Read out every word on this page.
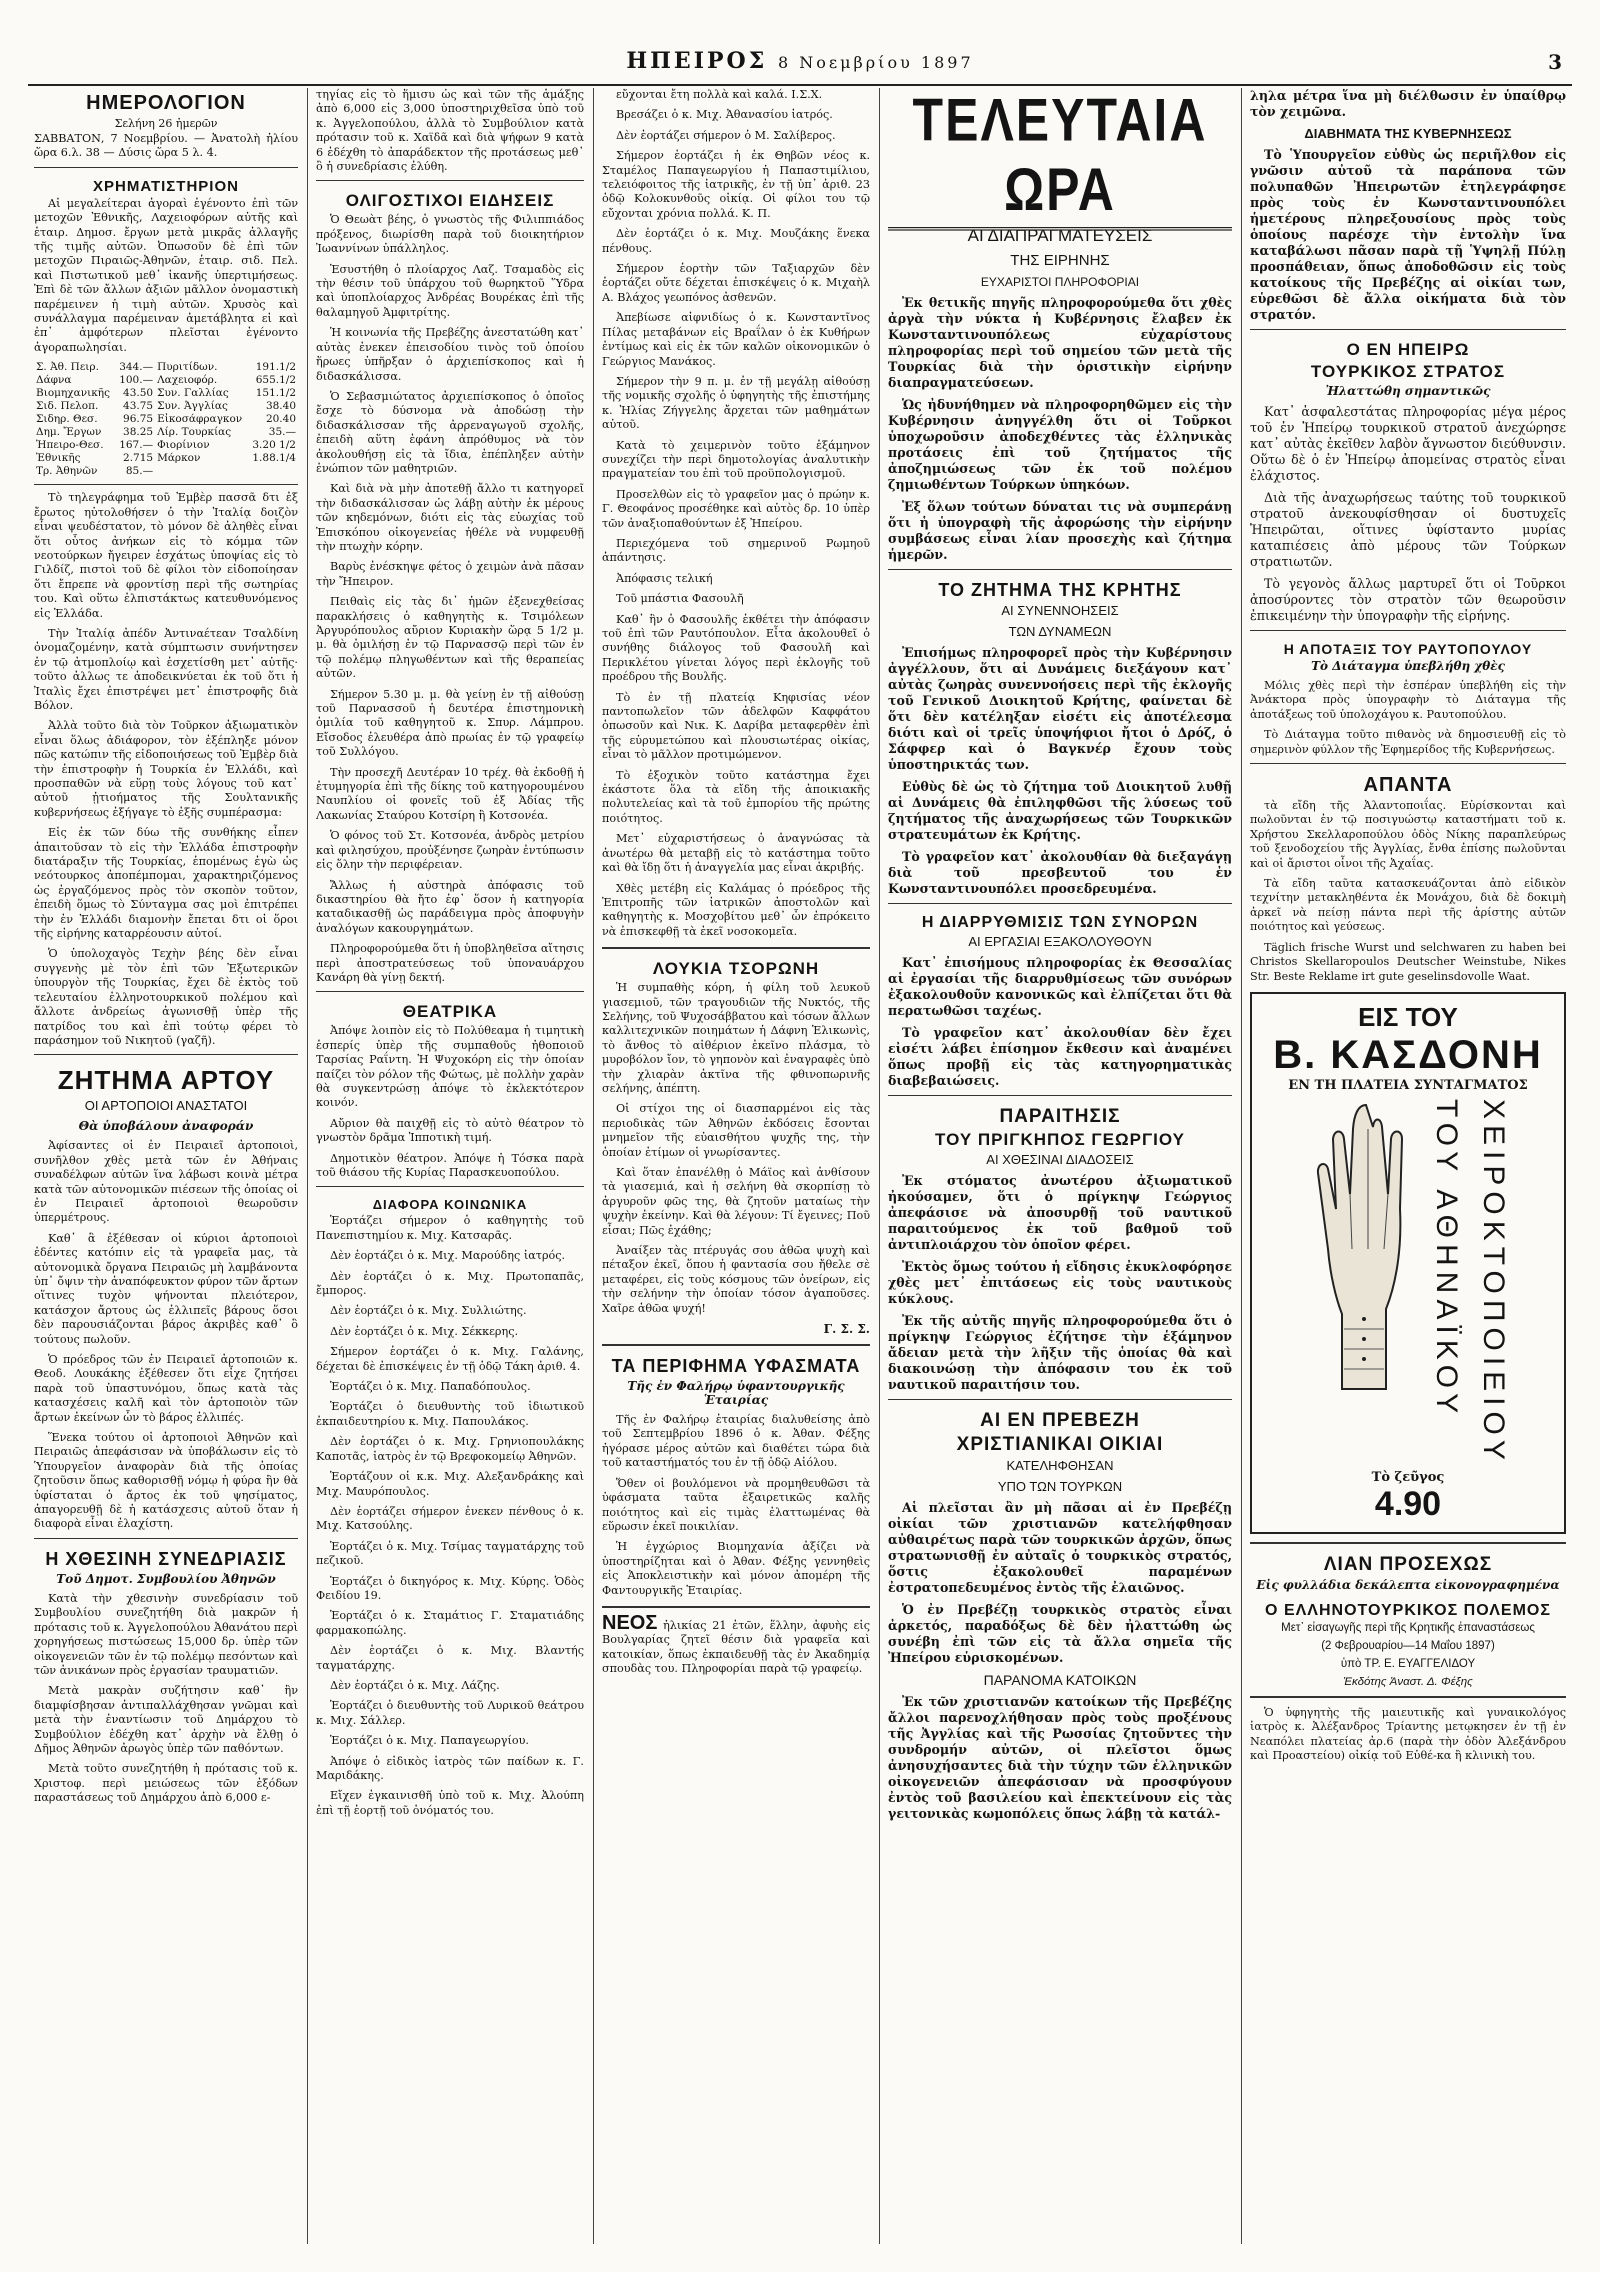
ΗΠΕΙΡΟΣ 8 Νοεμβρίου 1897	3
ΗΜΕΡΟΛΟΓΙΟΝ
Σελήνη 26 ἡμερῶν

ΣΑΒΒΑΤΟΝ, 7 Νοεμβρίου. — Ἀνατολὴ ἡλίου ὥρα 6.λ. 38 — Δύσις ὥρα 5 λ. 4.

ΧΡΗΜΑΤΙΣΤΗΡΙΟΝ

Αἱ μεγαλείτεραι ἀγοραὶ ἐγένοντο ἐπὶ τῶν μετοχῶν Ἐθνικῆς, Λαχειοφόρων αὐτῆς καὶ ἑταιρ. Δημοσ. ἔργων μετὰ μικρᾶς ἀλλαγῆς τῆς τιμῆς αὐτῶν. Ὀπωσοῦν δὲ ἐπὶ τῶν μετοχῶν Πιραιῶς-Ἀθηνῶν, ἑταιρ. σιδ. Πελ. καὶ Πιστωτικοῦ μεθ᾽ ἱκανῆς ὑπερτιμήσεως. Ἐπὶ δὲ τῶν ἄλλων ἀξιῶν μᾶλλον ὀνομαστικὴ παρέμεινεν ἡ τιμὴ αὐτῶν. Χρυσὸς καὶ συνάλλαγμα παρέμειναν ἀμετάβλητα εἰ καὶ ἐπ᾽ ἀμφότερων πλεῖσται ἐγένοντο ἀγοραπωλησίαι.

Σ. Ἀθ. Πειρ.	344.—	Πυριτίδων.	191.1/2
Δάφνα	100.—	Λαχειοφόρ.	655.1/2
Βιομηχανικῆς	43.50	Συν. Γαλλίας	151.1/2
Σιδ. Πελοπ.	43.75	Συν. Ἀγγλίας	38.40
Σιδηρ. Θεσ.	96.75	Εἰκοσάφραγκον	20.40
Δημ. Ἔργων	38.25	Λίρ. Τουρκίας	35.—
Ἠπειρο-Θεσ.	167.—	Φιορίνιον	3.20 1/2
Ἐθνικῆς	2.715	Μάρκον	1.88.1/4
Τρ. Ἀθηνῶν	85.—		

Τὸ τηλεγράφημα τοῦ Ἐμβὲρ πασσᾶ δτι ἐξ ἔρωτος ηὐτολοθήσεν ὁ τὴν Ἰταλίᾳ δοιζὸν εἶναι ψευδέστατον, τὸ μόνον δὲ ἀληθὲς εἶναι ὅτι οὗτος ἀνήκων εἰς τὸ κόμμα τῶν νεοτούρκων ἤγειρεν ἐσχάτως ὑποψίας εἰς τὸ Γιλδίζ, πιστοὶ τοῦ δὲ φίλοι τὸν εἰδοποίησαν ὅτι ἔπρεπε νὰ φροντίσῃ περὶ τῆς σωτηρίας του. Καὶ οὕτω ἐλπιστάκτως κατευθυνόμενος εἰς Ἑλλάδα.

Τὴν Ἰταλίᾳ ἀπέδν Ἀντιναέτεαν Τσαλδίνη ὀνομαζομένην, κατὰ σύμπτωσιν συνήντησεν ἐν τῷ ἀτμοπλοίῳ καὶ ἐσχετίσθη μετ᾽ αὐτῆς· τοῦτο ἀλλως τε ἀποδεικνύεται ἐκ τοῦ ὅτι ἡ Ἰταλὶς ἔχει ἐπιστρέψει μετ᾽ ἐπιστροφῆς διὰ Βόλον.

Ἀλλὰ τοῦτο διὰ τὸν Τοῦρκον ἀξιωματικὸν εἶναι ὅλως ἀδιάφορον, τὸν ἐξέπληξε μόνον πῶς κατώπιν τῆς εἰδοποιήσεως τοῦ Ἐμβὲρ διὰ τὴν ἐπιστροφὴν ἡ Τουρκία ἐν Ἑλλάδι, καὶ προσπαθῶν νὰ εὕρῃ τοὺς λόγους τοῦ κατ᾽ αὐτοῦ ᾐτιοήματος τῆς Σουλτανικῆς κυβερνήσεως ἐξήγαγε τὸ ἐξῆς συμπέρασμα:

Εἰς ἐκ τῶν δύω τῆς συνθήκης εἶπεν ἀπαιτοῦσαν τὸ εἰς τὴν Ἑλλάδα ἐπιστροφὴν διατάραξιν τῆς Τουρκίας, ἐπομένως ἐγὼ ὡς νεότουρκος ἀποπέμπομαι, χαρακτηριζόμενος ὡς ἐργαζόμενος πρὸς τὸν σκοπὸν τοῦτον, ἐπειδὴ ὅμως τὸ Σύνταγμα σας μοὶ ἐπιτρέπει τὴν ἐν Ἑλλάδι διαμονὴν ἔπεται δτι οἱ ὅροι τῆς εἰρήνης καταρρέουσιν αὐτοί.

Ὁ ὑπολοχαγὸς Τεχὴν βέης δὲν εἶναι συγγενὴς μὲ τὸν ἐπὶ τῶν Ἐξωτερικῶν ὑπουργὸν τῆς Τουρκίας, ἔχει δὲ ἐκτὸς τοῦ τελευταίου ἑλληνοτουρκικοῦ πολέμου καὶ ἄλλοτε ἀνδρείως ἀγωνισθῇ ὑπὲρ τῆς πατρίδος του καὶ ἐπὶ τούτῳ φέρει τὸ παράσημον τοῦ Νικητοῦ (γαζῆ).

ΖΗΤΗΜΑ ΑΡΤΟΥ
ΟΙ ΑΡΤΟΠΟΙΟΙ ΑΝΑΣΤΑΤΟΙ
Θὰ ὑποβάλουν ἀναφοράν

Ἀφίσαντες οἱ ἐν Πειραιεῖ ἀρτοποιοὶ, συνῆλθον χθὲς μετὰ τῶν ἐν Ἀθήναις συναδέλφων αὐτῶν ἵνα λάβωσι κοινὰ μέτρα κατὰ τῶν αὐτονομικῶν πιέσεων τῆς ὁποίας οἱ ἐν Πειραιεῖ ἀρτοποιοὶ θεωροῦσιν ὑπερμέτρους.

Καθ᾽ ἃ ἐξέθεσαν οἱ κύριοι ἀρτοποιοὶ ἐδέντες κατόπιν εἰς τὰ γραφεῖα μας, τὰ αὐτονομικὰ ὄργανα Πειραιῶς μὴ λαμβάνοντα ὑπ᾽ ὄψιν τὴν ἀναπόφευκτον φύρον τῶν ἄρτων οἵτινες τυχὸν ψήνονται πλειότερον, κατάσχον ἄρτους ὡς ἐλλιπεῖς βάρους ὅσοι δὲν παρουσιάζονται βάρος ἀκριβὲς καθ᾽ ὃ τούτους πωλοῦν.

Ὁ πρόεδρος τῶν ἐν Πειραιεῖ ἀρτοποιῶν κ. Θεοδ. Λουκάκης ἐξέθεσεν ὅτι εἶχε ζητήσει παρὰ τοῦ ὑπαστυνόμου, ὅπως κατὰ τὰς κατασχέσεις καλῆ καὶ τὸν ἀρτοποιὸν τῶν ἄρτων ἐκείνων ὧν τὸ βάρος ἐλλιπές.

Ἕνεκα τούτου οἱ ἀρτοποιοὶ Ἀθηνῶν καὶ Πειραιῶς ἀπεφάσισαν νὰ ὑποβάλωσιν εἰς τὸ Ὑπουργεῖον ἀναφορὰν διὰ τῆς ὁποίας ζητοῦσιν ὅπως καθορισθῇ νόμῳ ἡ φύρα ἣν θὰ ὑφίσταται ὁ ἄρτος ἐκ τοῦ ψησίματος, ἀπαγορευθῇ δὲ ἡ κατάσχεσις αὐτοῦ ὅταν ἡ διαφορὰ εἶναι ἐλαχίστη.

Η ΧΘΕΣΙΝΗ ΣΥΝΕΔΡΙΑΣΙΣ
Τοῦ Δημοτ. Συμβουλίου Ἀθηνῶν

Κατὰ τὴν χθεσινὴν συνεδρίασιν τοῦ Συμβουλίου συνεζητήθη διὰ μακρῶν ἡ πρότασις τοῦ κ. Ἀγγελοπούλου Ἀθανάτου περὶ χορηγήσεως πιστώσεως 15,000 δρ. ὑπὲρ τῶν οἰκογενειῶν τῶν ἐν τῷ πολέμῳ πεσόντων καὶ τῶν ἀνικάνων πρὸς ἐργασίαν τραυματιῶν.

Μετὰ μακρὰν συζήτησιν καθ᾽ ἣν διαμφίσβησαν ἀντιπαλλάχθησαν γνῶμαι καὶ μετὰ τὴν ἐναντίωσιν τοῦ Δημάρχου τὸ Συμβούλιον ἐδέχθη κατ᾽ ἀρχὴν νὰ ἔλθῃ ὁ Δῆμος Ἀθηνῶν ἀρωγὸς ὑπὲρ τῶν παθόντων.

Μετὰ τοῦτο συνεζητήθη ἡ πρότασις τοῦ κ. Χριστοφ. περὶ μειώσεως τῶν ἐξόδων παραστάσεως τοῦ Δημάρχου ἀπὸ 6,000 ε-

τηγίας εἰς τὸ ἥμισυ ὡς καὶ τῶν τῆς ἁμάξης ἀπὸ 6,000 εἰς 3,000 ὑποστηριχθεῖσα ὑπὸ τοῦ κ. Ἀγγελοπούλου, ἀλλὰ τὸ Συμβούλιον κατὰ πρότασιν τοῦ κ. Χαϊδᾶ καὶ διὰ ψήφων 9 κατὰ 6 ἐδέχθη τὸ ἀπαράδεκτον τῆς προτάσεως μεθ᾽ ὃ ἡ συνεδρίασις ἐλύθη.

ΟΛΙΓΟΣΤΙΧΟΙ ΕΙΔΗΣΕΙΣ

Ὁ Θεωὰτ βέης, ὁ γνωστὸς τῆς Φιλιππιάδος πρόξενος, διωρίσθη παρὰ τοῦ διοικητήριον Ἰωαννίνων ὑπάλληλος.

Ἐσυστήθη ὁ πλοίαρχος Λαζ. Τσαμαδὸς εἰς τὴν θέσιν τοῦ ὑπάρχου τοῦ θωρηκτοῦ Ὕδρα καὶ ὑποπλοίαρχος Ἀνδρέας Βουρέκας ἐπὶ τῆς θαλαμηγοῦ Ἀμφιτρίτης.

Ἡ κοινωνία τῆς Πρεβέζης ἀνεστατώθη κατ᾽ αὐτὰς ἐνεκεν ἐπεισοδίου τινὸς τοῦ ὁποίου ἥρωες ὑπῆρξαν ὁ ἀρχιεπίσκοπος καὶ ἡ διδασκάλισσα.

Ὁ Σεβασμιώτατος ἀρχιεπίσκοπος ὁ ὁποῖος ἔσχε τὸ δύσνομα νὰ ἀποδώσῃ τὴν διδασκάλισσαν τῆς ἀρρεναγωγοῦ σχολῆς, ἐπειδὴ αὕτη ἐφάνη ἀπρόθυμος νὰ τὸν ἀκολουθήσῃ εἰς τὰ ἴδια, ἐπέπληξεν αὐτὴν ἐνώπιον τῶν μαθητριῶν.

Καὶ διὰ νὰ μὴν ἀποτεθῇ ἄλλο τι κατηγορεῖ τὴν διδασκάλισσαν ὡς λάβῃ αὐτὴν ἐκ μέρους τῶν κηδεμόνων, διότι εἰς τὰς εὐωχίας τοῦ Ἐπισκόπου οἰκογενείας ἠθέλε νὰ νυμφευθῇ τὴν πτωχὴν κόρην.

Βαρὺς ἐνέσκηψε φέτος ὁ χειμὼν ἀνὰ πᾶσαν τὴν Ἤπειρον.

Πειθαὶς εἰς τὰς δι᾽ ἡμῶν ἐξενεχθείσας παρακλήσεις ὁ καθηγητὴς κ. Τσιμόλεων Ἀργυρόπουλος αὔριον Κυριακὴν ὥρᾳ 5 1/2 μ. μ. θὰ ὁμιλήσῃ ἐν τῷ Παρνασσῷ περὶ τῶν ἐν τῷ πολέμῳ πληγωθέντων καὶ τῆς θεραπείας αὐτῶν.

Σήμερον 5.30 μ. μ. θὰ γείνῃ ἐν τῇ αἰθούσῃ τοῦ Παρνασσοῦ ἡ δευτέρα ἐπιστημονικὴ ὁμιλία τοῦ καθηγητοῦ κ. Σπυρ. Λάμπρου. Εἴσοδος ἐλευθέρα ἀπὸ πρωίας ἐν τῷ γραφείῳ τοῦ Συλλόγου.

Τὴν προσεχῆ Δευτέραν 10 τρέχ. θὰ ἐκδοθῇ ἡ ἐτυμηγορία ἐπὶ τῆς δίκης τοῦ κατηγορουμένου Ναυπλίου οἱ φονεῖς τοῦ ἐξ Ἀδίας τῆς Λακωνίας Σταύρου Κοτσίρη ἢ Κοτσονέα.

Ὁ φόνος τοῦ Στ. Κοτσονέα, ἀνδρὸς μετρίου καὶ φιλησύχου, προὐξένησε ζωηρὰν ἐντύπωσιν εἰς ὅλην τὴν περιφέρειαν.

Ἄλλως ἡ αὐστηρὰ ἀπόφασις τοῦ δικαστηρίου θὰ ἤτο ἐφ᾽ ὅσον ἡ κατηγορία καταδικασθῇ ὡς παράδειγμα πρὸς ἀποφυγὴν ἀναλόγων κακουργημάτων.

Πληροφορούμεθα ὅτι ἡ ὑποβληθεῖσα αἴτησις περὶ ἀποστρατεύσεως τοῦ ὑποναυάρχου Κανάρη θὰ γίνῃ δεκτή.

ΘΕΑΤΡΙΚΑ

Ἀπόψε λοιπὸν εἰς τὸ Πολύθεαμα ἡ τιμητικὴ ἑσπερίς ὑπὲρ τῆς συμπαθοῦς ἠθοποιοῦ Ταρσίας Ραΐντη. Ἡ Ψυχοκόρη εἰς τὴν ὁποίαν παίζει τὸν ρόλον τῆς Φώτως, μὲ πολλὴν χαρὰν θὰ συγκεντρώσῃ ἀπόψε τὸ ἐκλεκτότερον κοινόν.

Αὔριον θὰ παιχθῇ εἰς τὸ αὐτὸ θέατρον τὸ γνωστὸν δρᾶμα Ἰπποτικὴ τιμή.

Δημοτικὸν θέατρον. Ἀπόψε ἡ Τόσκα παρὰ τοῦ θιάσου τῆς Κυρίας Παρασκευοπούλου.

ΔΙΑΦΟΡΑ ΚΟΙΝΩΝΙΚΑ

Ἑορτάζει σήμερον ὁ καθηγητὴς τοῦ Πανεπιστημίου κ. Μιχ. Κατσαρᾶς.

Δὲν ἑορτάζει ὁ κ. Μιχ. Μαρούδης ἰατρός.

Δὲν ἑορτάζει ὁ κ. Μιχ. Πρωτοπαπᾶς, ἔμπορος.

Δὲν ἑορτάζει ὁ κ. Μιχ. Συλλιώτης.

Δὲν ἑορτάζει ὁ κ. Μιχ. Σέκκερης.

Σήμερον ἑορτάζει ὁ κ. Μιχ. Γαλάνης, δέχεται δὲ ἐπισκέψεις ἐν τῇ ὁδῷ Τάκη ἀριθ. 4.

Ἑορτάζει ὁ κ. Μιχ. Παπαδόπουλος.

Ἑορτάζει ὁ διευθυντὴς τοῦ ἰδιωτικοῦ ἐκπαιδευτηρίου κ. Μιχ. Παπουλάκος.

Δὲν ἑορτάζει ὁ κ. Μιχ. Γρηνιοπουλάκης Καποτᾶς, ἰατρὸς ἐν τῷ Βρεφοκομείῳ Ἀθηνῶν.

Ἑορτάζουν οἱ κ.κ. Μιχ. Αλεξανδράκης καὶ Μιχ. Μαυρόπουλος.

Δὲν ἑορτάζει σήμερον ἐνεκεν πένθους ὁ κ. Μιχ. Κατσούλης.

Ἑορτάζει ὁ κ. Μιχ. Τσίμας ταγματάρχης τοῦ πεζικοῦ.

Ἑορτάζει ὁ δικηγόρος κ. Μιχ. Κύρης. Ὁδὸς Φειδίου 19.

Ἑορτάζει ὁ κ. Σταμάτιος Γ. Σταματιάδης φαρμακοπώλης.

Δὲν ἑορτάζει ὁ κ. Μιχ. Βλαντής ταγματάρχης.

Δὲν ἑορτάζει ὁ κ. Μιχ. Λάζης.

Ἑορτάζει ὁ διευθυντὴς τοῦ Λυρικοῦ θεάτρου κ. Μιχ. Σάλλερ.

Ἑορτάζει ὁ κ. Μιχ. Παπαγεωργίου.

Ἀπόψε ὁ εἰδικὸς ἰατρὸς τῶν παίδων κ. Γ. Μαριδάκης.

Εἴχεν ἐγκαινισθῆ ὑπὸ τοῦ κ. Μιχ. Ἀλούπη ἐπὶ τῇ ἑορτῇ τοῦ ὀνόματός του.

εὔχονται ἔτη πολλὰ καὶ καλά. Ι.Σ.Χ.

Βρεσάζει ὁ κ. Μιχ. Ἀθανασίου ἰατρός.

Δὲν ἑορτάζει σήμερον ὁ Μ. Σαλίβερος.

Σήμερον ἑορτάζει ἡ ἐκ Θηβῶν νέος κ. Σταμέλος Παπαγεωργίου ἡ Παπαστιμίλιου, τελειόφοιτος τῆς ἰατρικῆς, ἐν τῇ ὑπ᾽ ἀριθ. 23 ὁδῷ Κολοκυνθοῦς οἰκίᾳ. Οἱ φίλοι του τῷ εὔχονται χρόνια πολλά. Κ. Π.

Δὲν ἑορτάζει ὁ κ. Μιχ. Μουζάκης ἕνεκα πένθους.

Σήμερον ἑορτὴν τῶν Ταξιαρχῶν δὲν ἑορτάζει οὔτε δέχεται ἐπισκέψεις ὁ κ. Μιχαὴλ Α. Βλάχος γεωπόνος ἀσθενῶν.

Ἀπεβίωσε αἰφνιδίως ὁ κ. Κωνσταντῖνος Πίλας μεταβάνων εἰς Βραΐλαν ὁ ἐκ Κυθήρων ἐντίμως καὶ εἰς ἐκ τῶν καλῶν οἰκονομικῶν ὁ Γεώργιος Μανάκος.

Σήμερον τὴν 9 π. μ. ἐν τῇ μεγάλῃ αἰθούσῃ τῆς νομικῆς σχολῆς ὁ ὑφηγητὴς τῆς ἐπιστήμης κ. Ἠλίας Ζήγγελης ἄρχεται τῶν μαθημάτων αὐτοῦ.

Κατὰ τὸ χειμερινὸν τοῦτο ἑξάμηνον συνεχίζει τὴν περὶ δημοτολογίας ἀναλυτικὴν πραγματείαν του ἐπὶ τοῦ προϋπολογισμοῦ.

Προσελθὼν εἰς τὸ γραφεῖον μας ὁ πρώην κ. Γ. Θεοφάνος προσέθηκε καὶ αὐτὸς δρ. 10 ὑπὲρ τῶν ἀναξιοπαθούντων ἐξ Ἠπείρου.

Περιεχόμενα τοῦ σημερινοῦ Ρωμηοῦ ἀπάντησις.

Ἀπόφασις τελική

Τοῦ μπάστια Φασουλῆ

Καθ᾽ ἣν ὁ Φασουλῆς ἐκθέτει τὴν ἀπόφασιν τοῦ ἐπὶ τῶν Ραυτόπουλον. Εἶτα ἀκολουθεῖ ὁ συνήθης διάλογος τοῦ Φασουλῆ καὶ Περικλέτου γίνεται λόγος περὶ ἐκλογῆς τοῦ προέδρου τῆς Βουλῆς.

Τὸ ἐν τῇ πλατείᾳ Κηφισίας νέον παντοπωλεῖον τῶν ἀδελφῶν Καφφάτου ὁπωσοῦν καὶ Νικ. Κ. Δαρίβα μεταφερθὲν ἐπὶ τῆς εὐρυμετώπου καὶ πλουσιωτέρας οἰκίας, εἶναι τὸ μᾶλλον προτιμώμενον.

Τὸ ἐξοχικὸν τοῦτο κατάστημα ἔχει ἑκάστοτε ὅλα τὰ εἴδη τῆς ἀποικιακῆς πολυτελείας καὶ τὰ τοῦ ἐμπορίου τῆς πρώτης ποιότητος.

Μετ᾽ εὐχαριστήσεως ὁ ἀναγνώσας τὰ ἀνωτέρω θὰ μεταβῇ εἰς τὸ κατάστημα τοῦτο καὶ θὰ ἴδῃ ὅτι ἡ ἀναγγελία μας εἶναι ἀκριβής.

Χθὲς μετέβη εἰς Καλάμας ὁ πρόεδρος τῆς Ἐπιτροπῆς τῶν ἰατρικῶν ἀποστολῶν καὶ καθηγητὴς κ. Μοσχοβίτου μεθ᾽ ὧν ἐπρόκειτο νὰ ἐπισκεφθῇ τὰ ἐκεῖ νοσοκομεῖα.

ΛΟΥΚΙΑ ΤΣΟΡΩΝΗ

Ἡ συμπαθὴς κόρη, ἡ φίλη τοῦ λευκοῦ γιασεμιοῦ, τῶν τραγουδιῶν τῆς Νυκτός, τῆς Σελήνης, τοῦ Ψυχοσάββατου καὶ τόσων ἄλλων καλλιτεχνικῶν ποιημάτων ἡ Δάφνη Ἑλικωνὶς, τὸ ἄνθος τὸ αἰθέριον ἐκεῖνο πλάσμα, τὸ μυροβόλον ἴον, τὸ γηπονὸν καὶ ἐναγραφὲς ὑπὸ τὴν χλιαρὰν ἀκτῖνα τῆς φθινοπωρινῆς σελήνης, ἀπέπτη.

Οἱ στίχοι της οἱ διασπαρμένοι εἰς τὰς περιοδικὰς τῶν Ἀθηνῶν ἐκδόσεις ἔσονται μνημεῖον τῆς εὐαισθήτου ψυχῆς της, τὴν ὁποίαν ἐτίμων οἱ γνωρίσαντες.

Καὶ ὅταν ἐπανέλθῃ ὁ Μάϊος καὶ ἀνθίσουν τὰ γιασεμιά, καὶ ἡ σελήνη θὰ σκορπίσῃ τὸ ἀργυροῦν φῶς της, θὰ ζητοῦν ματαίως τὴν ψυχὴν ἐκείνην. Καὶ θὰ λέγουν: Τί ἔγεινες; Ποῦ εἶσαι; Πῶς ἐχάθης;

Ἀναίξεν τὰς πτέρυγάς σου ἀθῶα ψυχὴ καὶ πέταξον ἐκεῖ, ὅπου ἡ φαντασία σου ἤθελε σὲ μεταφέρει, εἰς τοὺς κόσμους τῶν ὀνείρων, εἰς τὴν σελήνην τὴν ὁποίαν τόσον ἀγαποῦσες. Χαῖρε ἀθῶα ψυχή!

Γ. Σ. Σ.
ΤΑ ΠΕΡΙΦΗΜΑ ΥΦΑΣΜΑΤΑ
Τῆς ἐν Φαλήρῳ ὑφαντουργικῆς Ἑταιρίας

Τῆς ἐν Φαλήρῳ ἑταιρίας διαλυθείσης ἀπὸ τοῦ Σεπτεμβρίου 1896 ὁ κ. Ἀθαν. Φέξης ἠγόρασε μέρος αὐτῶν καὶ διαθέτει τώρα διὰ τοῦ καταστήματός του ἐν τῇ ὁδῷ Αἰόλου.

Ὅθεν οἱ βουλόμενοι νὰ προμηθευθῶσι τὰ ὑφάσματα ταῦτα ἐξαιρετικῶς καλῆς ποιότητος καὶ εἰς τιμὰς ἐλαττωμένας θὰ εὕρωσιν ἐκεῖ ποικιλίαν.

Ἡ ἐγχώριος Βιομηχανία ἀξίζει νὰ ὑποστηρίζηται καὶ ὁ Ἀθαν. Φέξης γεννηθεὶς εἰς Ἀποκλειστικὴν καὶ μόνον ἀπομέρη τῆς Φαντουργικῆς Ἑταιρίας.

ΝΕΟΣ ἡλικίας 21 ἐτῶν, ἕλλην, ἀφυὴς εἰς Βουλγαρίας ζητεῖ θέσιν διὰ γραφεῖα καὶ κατοικίαν, ὅπως ἐκπαιδευθῇ τὰς ἐν Ἀκαδημίᾳ σπουδὰς του. Πληροφορίαι παρὰ τῷ γραφείῳ.

ΤΕΛΕΥΤΑΙΑ ΩΡΑ
ΑΙ ΔΙΑΠΡΑΓΜΑΤΕΥΣΕΙΣ
ΤΗΣ ΕΙΡΗΝΗΣ
ΕΥΧΑΡΙΣΤΟΙ ΠΛΗΡΟΦΟΡΙΑΙ

Ἐκ θετικῆς πηγῆς πληροφορούμεθα ὅτι χθὲς ἀργὰ τὴν νύκτα ἡ Κυβέρνησις ἔλαβεν ἐκ Κωνσταντινουπόλεως εὐχαρίστους πληροφορίας περὶ τοῦ σημείου τῶν μετὰ τῆς Τουρκίας διὰ τὴν ὁριστικὴν εἰρήνην διαπραγματεύσεων.

Ὡς ἠδυνήθημεν νὰ πληροφορηθῶμεν εἰς τὴν Κυβέρνησιν ἀνηγγέλθη ὅτι οἱ Τοῦρκοι ὑποχωροῦσιν ἀποδεχθέντες τὰς ἑλληνικὰς προτάσεις ἐπὶ τοῦ ζητήματος τῆς ἀποζημιώσεως τῶν ἐκ τοῦ πολέμου ζημιωθέντων Τούρκων ὑπηκόων.

Ἐξ ὅλων τούτων δύναται τις νὰ συμπεράνῃ ὅτι ἡ ὑπογραφὴ τῆς ἀφορώσης τὴν εἰρήνην συμβάσεως εἶναι λίαν προσεχὴς καὶ ζήτημα ἡμερῶν.

ΤΟ ΖΗΤΗΜΑ ΤΗΣ ΚΡΗΤΗΣ
ΑΙ ΣΥΝΕΝΝΟΗΣΕΙΣ
ΤΩΝ ΔΥΝΑΜΕΩΝ

Ἐπισήμως πληροφορεῖ πρὸς τὴν Κυβέρνησιν ἀγγέλλουν, ὅτι αἱ Δυνάμεις διεξάγουν κατ᾽ αὐτὰς ζωηρὰς συνεννοήσεις περὶ τῆς ἐκλογῆς τοῦ Γενικοῦ Διοικητοῦ Κρήτης, φαίνεται δὲ ὅτι δὲν κατέληξαν εἰσέτι εἰς ἀποτέλεσμα διότι καὶ οἱ τρεῖς ὑποψήφιοι ἤτοι ὁ Δρόζ, ὁ Σάφφερ καὶ ὁ Βαγκνέρ ἔχουν τοὺς ὑποστηρικτάς των.

Εὐθὺς δὲ ὡς τὸ ζήτημα τοῦ Διοικητοῦ λυθῇ αἱ Δυνάμεις θὰ ἐπιληφθῶσι τῆς λύσεως τοῦ ζητήματος τῆς ἀναχωρήσεως τῶν Τουρκικῶν στρατευμάτων ἐκ Κρήτης.

Τὸ γραφεῖον κατ᾽ ἀκολουθίαν θὰ διεξαγάγῃ διὰ τοῦ πρεσβευτοῦ του ἐν Κωνσταντινουπόλει προσεδρευμένα.

Η ΔΙΑΡΡΥΘΜΙΣΙΣ ΤΩΝ ΣΥΝΟΡΩΝ
ΑΙ ΕΡΓΑΣΙΑΙ ΕΞΑΚΟΛΟΥΘΟΥΝ

Κατ᾽ ἐπισήμους πληροφορίας ἐκ Θεσσαλίας αἱ ἐργασίαι τῆς διαρρυθμίσεως τῶν συνόρων ἐξακολουθοῦν κανονικῶς καὶ ἐλπίζεται ὅτι θὰ περατωθῶσι ταχέως.

Τὸ γραφεῖον κατ᾽ ἀκολουθίαν δὲν ἔχει εἰσέτι λάβει ἐπίσημον ἔκθεσιν καὶ ἀναμένει ὅπως προβῇ εἰς τὰς κατηγορηματικὰς διαβεβαιώσεις.

ΠΑΡΑΙΤΗΣΙΣ
ΤΟΥ ΠΡΙΓΚΗΠΟΣ ΓΕΩΡΓΙΟΥ
ΑΙ ΧΘΕΣΙΝΑΙ ΔΙΑΔΟΣΕΙΣ

Ἐκ στόματος ἀνωτέρου ἀξιωματικοῦ ἠκούσαμεν, ὅτι ὁ πρίγκηψ Γεώργιος ἀπεφάσισε νὰ ἀποσυρθῇ τοῦ ναυτικοῦ παραιτούμενος ἐκ τοῦ βαθμοῦ τοῦ ἀντιπλοιάρχου τὸν ὁποῖον φέρει.

Ἐκτὸς ὅμως τούτου ἡ εἴδησις ἐκυκλοφόρησε χθὲς μετ᾽ ἐπιτάσεως εἰς τοὺς ναυτικοὺς κύκλους.

Ἐκ τῆς αὐτῆς πηγῆς πληροφορούμεθα ὅτι ὁ πρίγκηψ Γεώργιος ἐζήτησε τὴν ἑξάμηνον ἄδειαν μετὰ τὴν λῆξιν τῆς ὁποίας θὰ καὶ διακοινώσῃ τὴν ἀπόφασιν του ἐκ τοῦ ναυτικοῦ παραιτήσιν του.

ΑΙ ΕΝ ΠΡΕΒΕΖΗ
ΧΡΙΣΤΙΑΝΙΚΑΙ ΟΙΚΙΑΙ
ΚΑΤΕΛΗΦΘΗΣΑΝ
ΥΠΟ ΤΩΝ ΤΟΥΡΚΩΝ

Αἱ πλεῖσται ἂν μὴ πᾶσαι αἱ ἐν Πρεβέζῃ οἰκίαι τῶν χριστιανῶν κατελήφθησαν αὐθαιρέτως παρὰ τῶν τουρκικῶν ἀρχῶν, ὅπως στρατωνισθῇ ἐν αὐταῖς ὁ τουρκικὸς στρατός, ὅστις ἐξακολουθεῖ παραμένων ἐστρατοπεδευμένος ἐντὸς τῆς ἐλαιῶνος.

Ὁ ἐν Πρεβέζῃ τουρκικὸς στρατὸς εἶναι ἀρκετός, παραδόξως δὲ δὲν ἠλαττώθη ὡς συνέβη ἐπὶ τῶν εἰς τὰ ἄλλα σημεῖα τῆς Ἠπείρου εὑρισκομένων.

ΠΑΡΑΝΟΜΑ ΚΑΤΟΙΚΩΝ

Ἐκ τῶν χριστιανῶν κατοίκων τῆς Πρεβέζης ἄλλοι παρενοχλήθησαν πρὸς τοὺς προξένους τῆς Ἀγγλίας καὶ τῆς Ρωσσίας ζητοῦντες τὴν συνδρομήν αὐτῶν, οἱ πλεῖστοι ὅμως ἀνησυχήσαντες διὰ τὴν τύχην τῶν ἑλληνικῶν οἰκογενειῶν ἀπεφάσισαν νὰ προσφύγουν ἐντὸς τοῦ βασιλείου καὶ ἐπεκτείνουν εἰς τὰς γειτονικὰς κωμοπόλεις ὅπως λάβῃ τὰ κατάλ-

ληλα μέτρα ἵνα μὴ διέλθωσιν ἐν ὑπαίθρῳ τὸν χειμῶνα.

ΔΙΑΒΗΜΑΤΑ ΤΗΣ ΚΥΒΕΡΝΗΣΕΩΣ

Τὸ Ὑπουργεῖον εὐθὺς ὡς περιῆλθον εἰς γνῶσιν αὐτοῦ τὰ παράπονα τῶν πολυπαθῶν Ἠπειρωτῶν ἐτηλεγράφησε πρὸς τοὺς ἐν Κωνσταντινουπόλει ἡμετέρους πληρεξουσίους πρὸς τοὺς ὁποίους παρέσχε τὴν ἐντολὴν ἵνα καταβάλωσι πᾶσαν παρὰ τῇ Ὑψηλῇ Πύλῃ προσπάθειαν, ὅπως ἀποδοθῶσιν εἰς τοὺς κατοίκους τῆς Πρεβέζης αἱ οἰκίαι των, εὑρεθῶσι δὲ ἄλλα οἰκήματα διὰ τὸν στρατόν.

Ο ΕΝ ΗΠΕΙΡΩ
ΤΟΥΡΚΙΚΟΣ ΣΤΡΑΤΟΣ
Ἠλαττώθη σημαντικῶς

Κατ᾽ ἀσφαλεστάτας πληροφορίας μέγα μέρος τοῦ ἐν Ἠπείρῳ τουρκικοῦ στρατοῦ ἀνεχώρησε κατ᾽ αὐτὰς ἐκεῖθεν λαβὸν ἄγνωστον διεύθυνσιν. Οὕτω δὲ ὁ ἐν Ἠπείρῳ ἀπομείνας στρατὸς εἶναι ἐλάχιστος.

Διὰ τῆς ἀναχωρήσεως ταύτης τοῦ τουρκικοῦ στρατοῦ ἀνεκουφίσθησαν οἱ δυστυχεῖς Ἠπειρῶται, οἵτινες ὑφίσταντο μυρίας καταπιέσεις ἀπὸ μέρους τῶν Τούρκων στρατιωτῶν.

Τὸ γεγονὸς ἄλλως μαρτυρεῖ ὅτι οἱ Τοῦρκοι ἀποσύροντες τὸν στρατὸν τῶν θεωροῦσιν ἐπικειμένην τὴν ὑπογραφὴν τῆς εἰρήνης.

Η ΑΠΟΤΑΞΙΣ ΤΟΥ ΡΑΥΤΟΠΟΥΛΟΥ
Τὸ Διάταγμα ὑπεβλήθη χθὲς

Μόλις χθὲς περὶ τὴν ἑσπέραν ὑπεβλήθη εἰς τὴν Ἀνάκτορα πρὸς ὑπογραφὴν τὸ Διάταγμα τῆς ἀποτάξεως τοῦ ὑπολοχάγου κ. Ραυτοπούλου.

Τὸ Διάταγμα τοῦτο πιθανὸς νὰ δημοσιευθῇ εἰς τὸ σημερινὸν φύλλον τῆς Ἐφημερίδος τῆς Κυβερνήσεως.

ΑΠΑΝΤΑ

τὰ εἴδη τῆς Ἀλαντοποιΐας. Εὑρίσκονται καὶ πωλοῦνται ἐν τῷ ποσιγυώστῳ καταστήματι τοῦ κ. Χρήστου Σκελλαροπούλου ὁδὸς Νίκης παραπλεύρως τοῦ ξενοδοχείου τῆς Ἀγγλίας, ἔνθα ἐπίσης πωλοῦνται καὶ οἱ ἄριστοι οἶνοι τῆς Ἀχαΐας.

Τὰ εἴδη ταῦτα κατασκευάζονται ἀπὸ εἰδικὸν τεχνίτην μετακληθέντα ἐκ Μονάχου, διὰ δὲ δοκιμὴ ἀρκεῖ νὰ πείσῃ πάντα περὶ τῆς ἀρίστης αὐτῶν ποιότητος καὶ γεύσεως.

Täglich frische Wurst und selchwaren zu haben bei Christos Skellaropoulos Deutscher Weinstube, Nikes Str. Beste Reklame irt gute geselinsdovolle Waat.

ΕΙΣ ΤΟΥ
Β. ΚΑΣΔΟΝΗ
ΕΝ ΤΗ ΠΛΑΤΕΙΑ ΣΥΝΤΑΓΜΑΤΟΣ
ΤΟΥ ΑΘΗΝΑΪΚΟΥ ΧΕΙΡΟΚΤΟΠΟΙΕΙΟΥ
Τὸ ζεῦγος
4.90
ΛΙΑΝ ΠΡΟΣΕΧΩΣ
Εἰς φυλλάδια δεκάλεπτα εἰκονογραφημένα
Ο ΕΛΛΗΝΟΤΟΥΡΚΙΚΟΣ ΠΟΛΕΜΟΣ
Μετ᾽ εἰσαγωγῆς περὶ τῆς Κρητικῆς ἐπαναστάσεως
(2 Φεβρουαρίου—14 Μαΐου 1897)
ὑπὸ ΤΡ. Ε. ΕΥΑΓΓΕΛΙΔΟΥ
Ἐκδότης Ἀναστ. Δ. Φέξης

Ὁ ὑφηγητὴς τῆς μαιευτικῆς καὶ γυναικολόγος ἰατρὸς κ. Ἀλέξανδρος Τρίαντης μετῳκησεν ἐν τῇ ἐν Νεαπόλει πλατείας ἀρ.6 (παρὰ τὴν ὁδὸν Ἀλεξάνδρου καὶ Προαστείου) οἰκίᾳ τοῦ Εὐθέ-κα ἢ κλινικὴ του.
